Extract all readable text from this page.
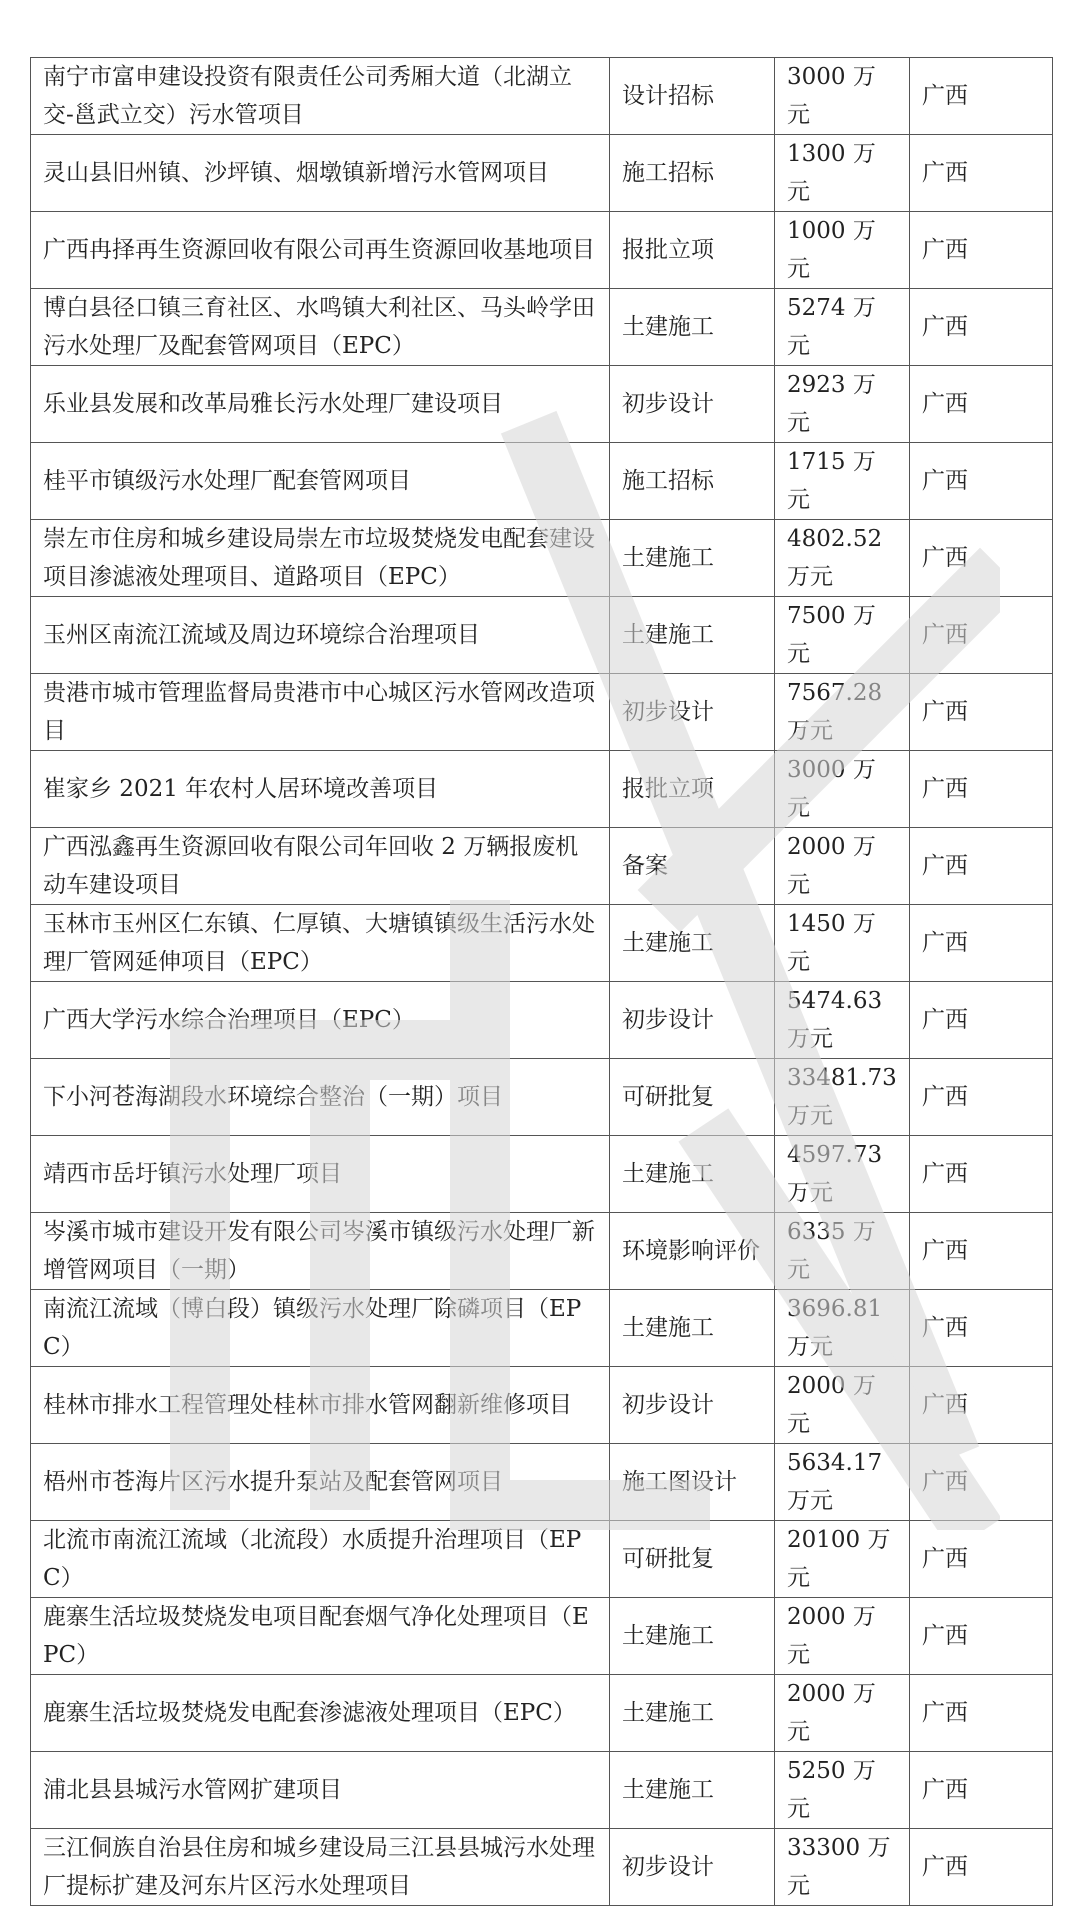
南宁市富申建设投资有限责任公司秀厢大道（北湖立交-邕武立交）污水管项目	设计招标	3000 万元	广西
灵山县旧州镇、沙坪镇、烟墩镇新增污水管网项目	施工招标	1300 万元	广西
广西冉择再生资源回收有限公司再生资源回收基地项目	报批立项	1000 万元	广西
博白县径口镇三育社区、水鸣镇大利社区、马头岭学田污水处理厂及配套管网项目（EPC）	土建施工	5274 万元	广西
乐业县发展和改革局雅长污水处理厂建设项目	初步设计	2923 万元	广西
桂平市镇级污水处理厂配套管网项目	施工招标	1715 万元	广西
崇左市住房和城乡建设局崇左市垃圾焚烧发电配套建设项目渗滤液处理项目、道路项目（EPC）	土建施工	4802.52 万元	广西
玉州区南流江流域及周边环境综合治理项目	土建施工	7500 万元	广西
贵港市城市管理监督局贵港市中心城区污水管网改造项目	初步设计	7567.28 万元	广西
崔家乡 2021 年农村人居环境改善项目	报批立项	3000 万元	广西
广西泓鑫再生资源回收有限公司年回收 2 万辆报废机动车建设项目	备案	2000 万元	广西
玉林市玉州区仁东镇、仁厚镇、大塘镇镇级生活污水处理厂管网延伸项目（EPC）	土建施工	1450 万元	广西
广西大学污水综合治理项目（EPC）	初步设计	5474.63 万元	广西
下小河苍海湖段水环境综合整治（一期）项目	可研批复	33481.73 万元	广西
靖西市岳圩镇污水处理厂项目	土建施工	4597.73 万元	广西
岑溪市城市建设开发有限公司岑溪市镇级污水处理厂新增管网项目（一期）	环境影响评价	6335 万元	广西
南流江流域（博白段）镇级污水处理厂除磷项目（EPC）	土建施工	3696.81 万元	广西
桂林市排水工程管理处桂林市排水管网翻新维修项目	初步设计	2000 万元	广西
梧州市苍海片区污水提升泵站及配套管网项目	施工图设计	5634.17 万元	广西
北流市南流江流域（北流段）水质提升治理项目（EPC）	可研批复	20100 万元	广西
鹿寨生活垃圾焚烧发电项目配套烟气净化处理项目（EPC）	土建施工	2000 万元	广西
鹿寨生活垃圾焚烧发电配套渗滤液处理项目（EPC）	土建施工	2000 万元	广西
浦北县县城污水管网扩建项目	土建施工	5250 万元	广西
三江侗族自治县住房和城乡建设局三江县县城污水处理厂提标扩建及河东片区污水处理项目	初步设计	33300 万元	广西
